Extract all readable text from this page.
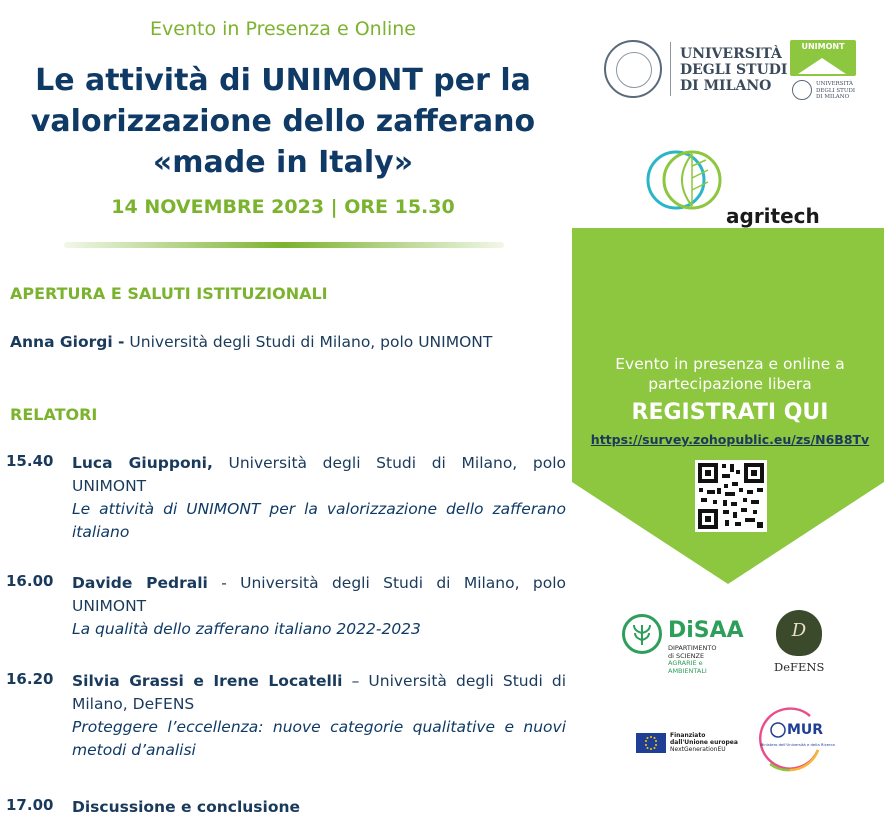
Evento in Presenza e Online
Le attività di UNIMONT per la
valorizzazione dello zafferano
«made in Italy»
14 NOVEMBRE 2023 | ORE 15.30
APERTURA E SALUTI ISTITUZIONALI
Anna Giorgi - Università degli Studi di Milano, polo UNIMONT
RELATORI
15.40 Luca Giupponi, Università degli Studi di Milano, polo UNIMONT
Le attività di UNIMONT per la valorizzazione dello zafferano italiano
16.00 Davide Pedrali - Università degli Studi di Milano, polo UNIMONT
La qualità dello zafferano italiano 2022-2023
16.20 Silvia Grassi e Irene Locatelli – Università degli Studi di Milano, DeFENS
Proteggere l’eccellenza: nuove categorie qualitative e nuovi metodi d’analisi
17.00 Discussione e conclusione
UNIVERSITÀ
DEGLI STUDI
DI MILANO
UNIMONT
UNIVERSITÀ
DEGLI STUDI
DI MILANO
agritech
Evento in presenza e online a
partecipazione libera
REGISTRATI QUI
https://survey.zohopublic.eu/zs/N6B8Tv
DiSAA
DIPARTIMENTO
di SCIENZE
AGRARIE e
AMBIENTALI
D
DeFENS
Finanziato
dall'Unione europea
NextGenerationEU
MUR
Ministero dell'Università e della Ricerca
